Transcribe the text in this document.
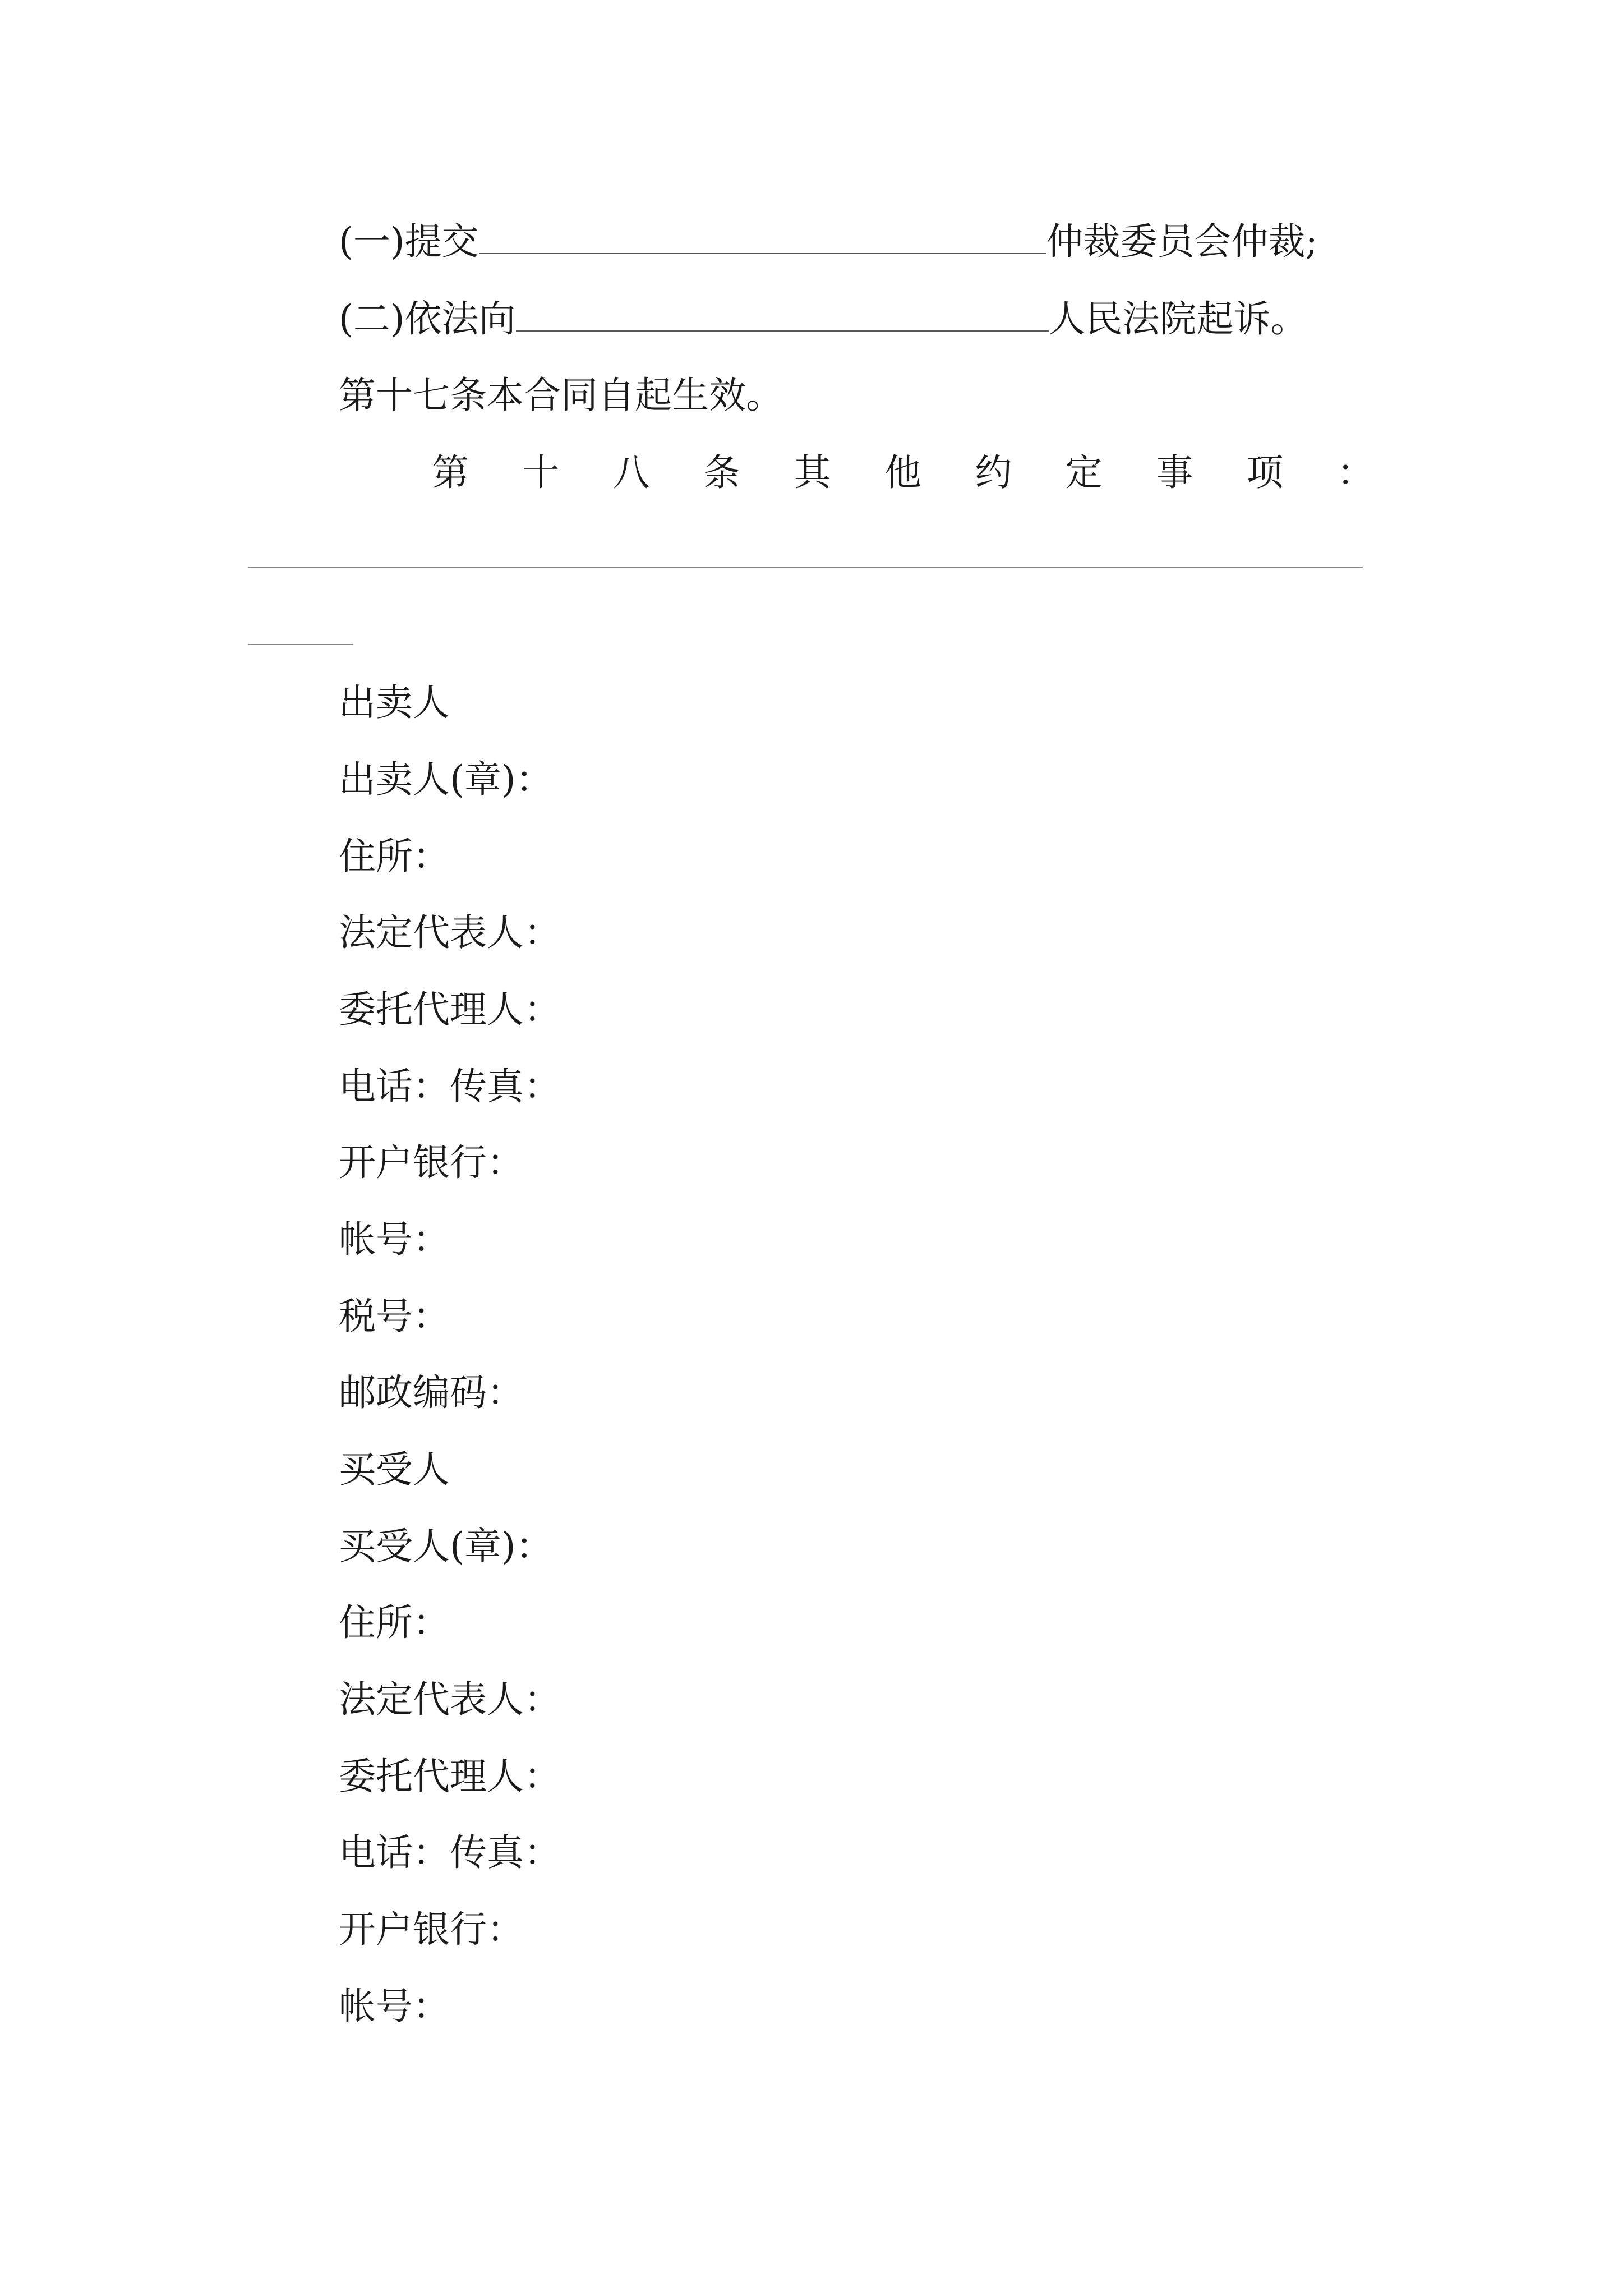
(一)提交	仲裁委员会仲裁;
(二)依法向	人民法院起诉。
第十七条本合同自起生效。
第 十 八 条 其 他 约 定 事 项 ：
出卖人
出卖人(章)：
住所：
法定代表人：
委托代理人：
电话：传真：
开户银行：
帐号：
税号：
邮政编码：
买受人
买受人(章)：
住所：
法定代表人：
委托代理人：
电话：传真：
开户银行：
帐号：
